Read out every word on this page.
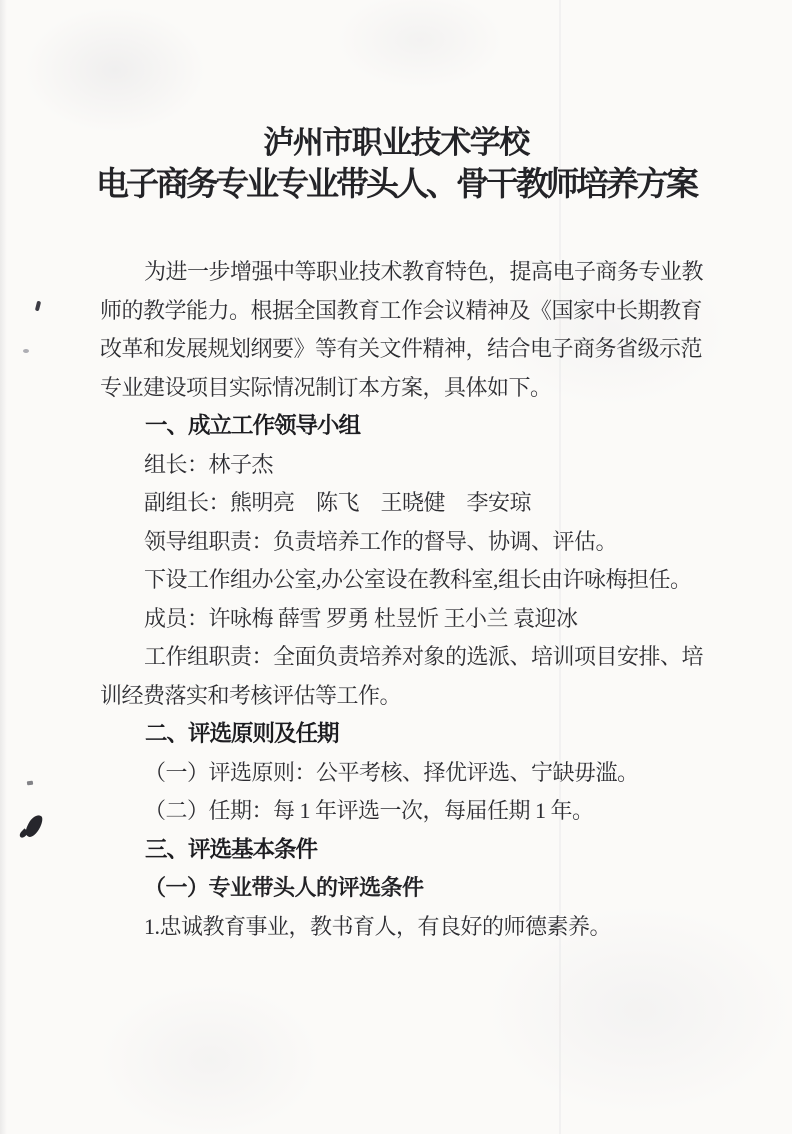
泸州市职业技术学校
电子商务专业专业带头人、骨干教师培养方案
为进一步增强中等职业技术教育特色，提高电子商务专业教
师的教学能力。根据全国教育工作会议精神及《国家中长期教育
改革和发展规划纲要》等有关文件精神，结合电子商务省级示范
专业建设项目实际情况制订本方案，具体如下。
一、成立工作领导小组
组长：林子杰
副组长：熊明亮　陈飞　王晓健　李安琼
领导组职责：负责培养工作的督导、协调、评估。
下设工作组办公室,办公室设在教科室,组长由许咏梅担任。
成员：许咏梅 薛雪 罗勇 杜昱忻 王小兰 袁迎冰
工作组职责：全面负责培养对象的选派、培训项目安排、培
训经费落实和考核评估等工作。
二、评选原则及任期
（一）评选原则：公平考核、择优评选、宁缺毋滥。
（二）任期：每 1 年评选一次，每届任期 1 年。
三、评选基本条件
（一）专业带头人的评选条件
1.忠诚教育事业，教书育人，有良好的师德素养。
